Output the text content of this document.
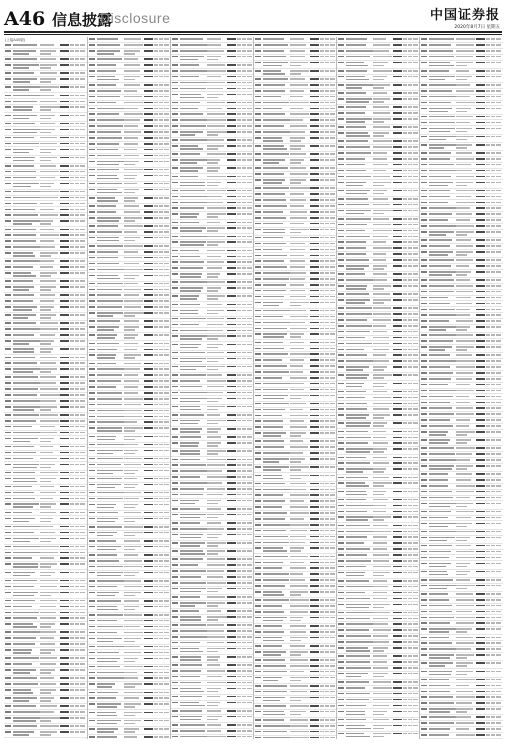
A46 信息披露
Disclosure	中国证券报
2020年8月7日 星期五
(上接A45版)
